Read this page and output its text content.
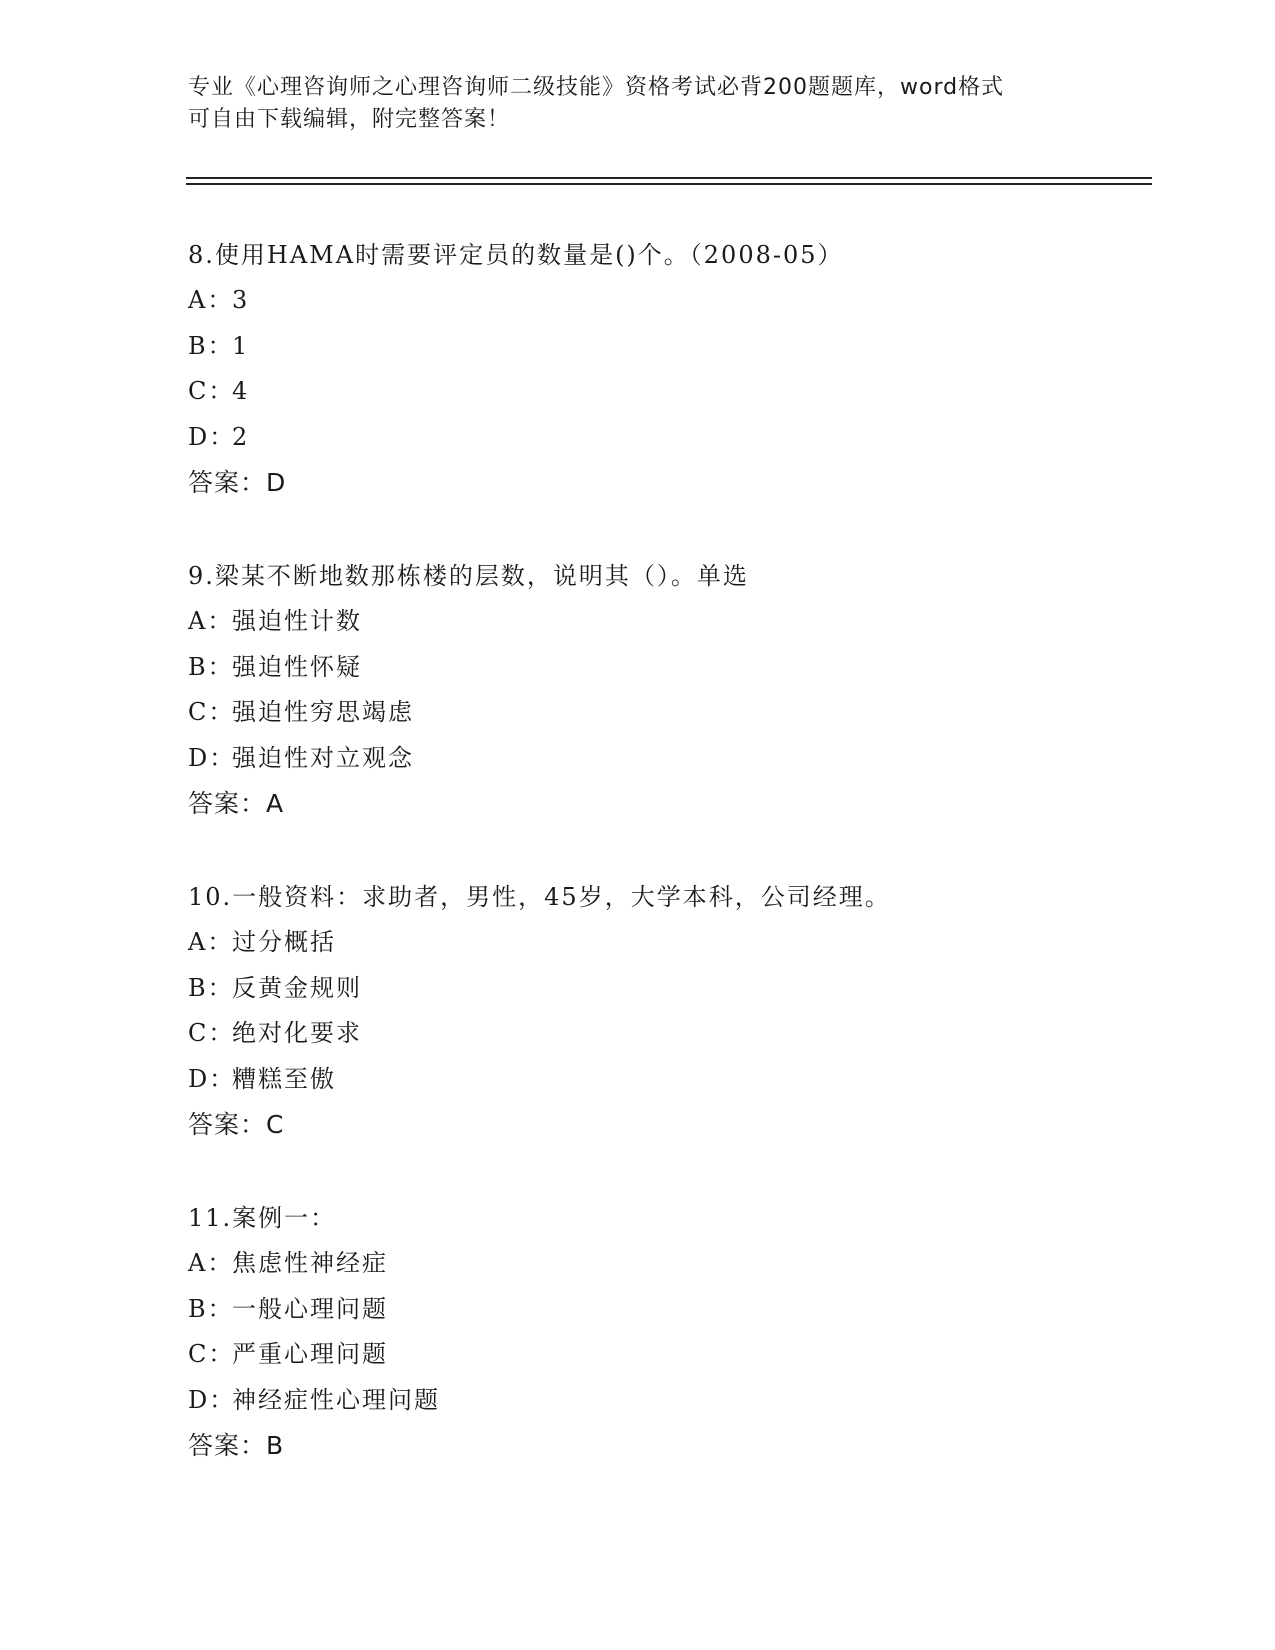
专业《心理咨询师之心理咨询师二级技能》资格考试必背200题题库，word格式
可自由下载编辑，附完整答案！
8.使用HAMA时需要评定员的数量是()个。（2008-05）
A：3
B：1
C：4
D：2
答案：D
9.梁某不断地数那栋楼的层数，说明其（）。单选
A：强迫性计数
B：强迫性怀疑
C：强迫性穷思竭虑
D：强迫性对立观念
答案：A
10.一般资料：求助者，男性，45岁，大学本科，公司经理。
A：过分概括
B：反黄金规则
C：绝对化要求
D：糟糕至傲
答案：C
11.案例一：
A：焦虑性神经症
B：一般心理问题
C：严重心理问题
D：神经症性心理问题
答案：B
